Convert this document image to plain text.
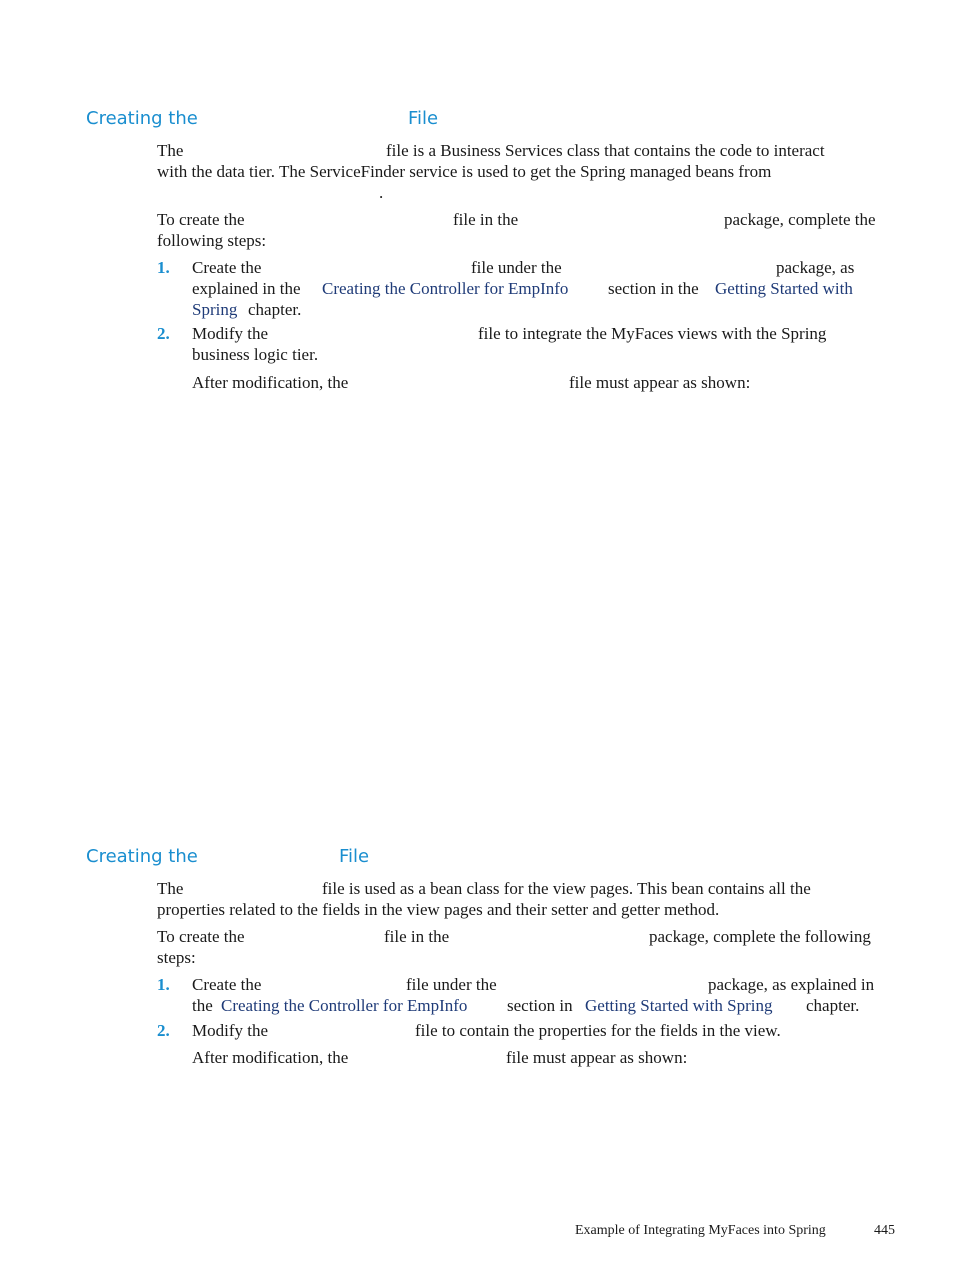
Creating the	File
The	file is a Business Services class that contains the code to interact
with the data tier. The ServiceFinder service is used to get the Spring managed beans from
.
To create the	file in the	package, complete the
following steps:
1. Create the	file under the	package, as
explained in the Creating the Controller for EmpInfo section in the Getting Started with
Spring chapter.
2. Modify the	file to integrate the MyFaces views with the Spring
business logic tier.
After modification, the	file must appear as shown:
Creating the	File
The	file is used as a bean class for the view pages. This bean contains all the
properties related to the fields in the view pages and their setter and getter method.
To create the	file in the	package, complete the following
steps:
1. Create the	file under the	package, as explained in
the Creating the Controller for EmpInfo section in Getting Started with Spring chapter.
2. Modify the	file to contain the properties for the fields in the view.
After modification, the	file must appear as shown:
Example of Integrating MyFaces into Spring	445
